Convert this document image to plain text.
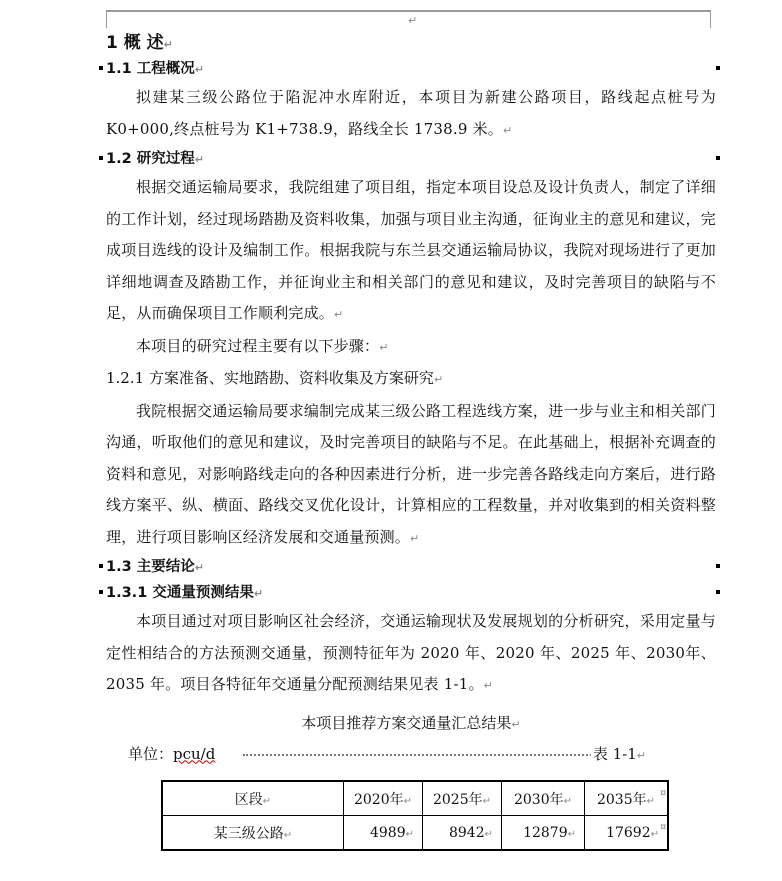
↵
1 概 述↵
1.1 工程概况↵

拟建某三级公路位于陷泥冲水库附近，本项目为新建公路项目，路线起点桩号为K0+000,终点桩号为 K1+738.9，路线全长 1738.9 米。↵

1.2 研究过程↵

根据交通运输局要求，我院组建了项目组，指定本项目设总及设计负责人，制定了详细的工作计划，经过现场踏勘及资料收集，加强与项目业主沟通，征询业主的意见和建议，完成项目选线的设计及编制工作。根据我院与东兰县交通运输局协议，我院对现场进行了更加详细地调查及踏勘工作，并征询业主和相关部门的意见和建议，及时完善项目的缺陷与不足，从而确保项目工作顺利完成。↵

本项目的研究过程主要有以下步骤：↵

1.2.1 方案准备、实地踏勘、资料收集及方案研究↵

我院根据交通运输局要求编制完成某三级公路工程选线方案，进一步与业主和相关部门沟通，听取他们的意见和建议，及时完善项目的缺陷与不足。在此基础上，根据补充调查的资料和意见，对影响路线走向的各种因素进行分析，进一步完善各路线走向方案后，进行路线方案平、纵、横面、路线交叉优化设计，计算相应的工程数量，并对收集到的相关资料整理，进行项目影响区经济发展和交通量预测。↵

1.3 主要结论↵
1.3.1 交通量预测结果↵

本项目通过对项目影响区社会经济，交通运输现状及发展规划的分析研究，采用定量与定性相结合的方法预测交通量，预测特征年为 2020 年、2020 年、2025 年、2030年、2035 年。项目各特征年交通量分配预测结果见表 1-1。↵

本项目推荐方案交通量汇总结果↵
单位：pcu/d	表 1-1↵
区段↵	2020年↵	2025年↵	2030年↵	2035年↵
某三级公路↵	4989↵	8942↵	12879↵	17692↵
¤
¤
